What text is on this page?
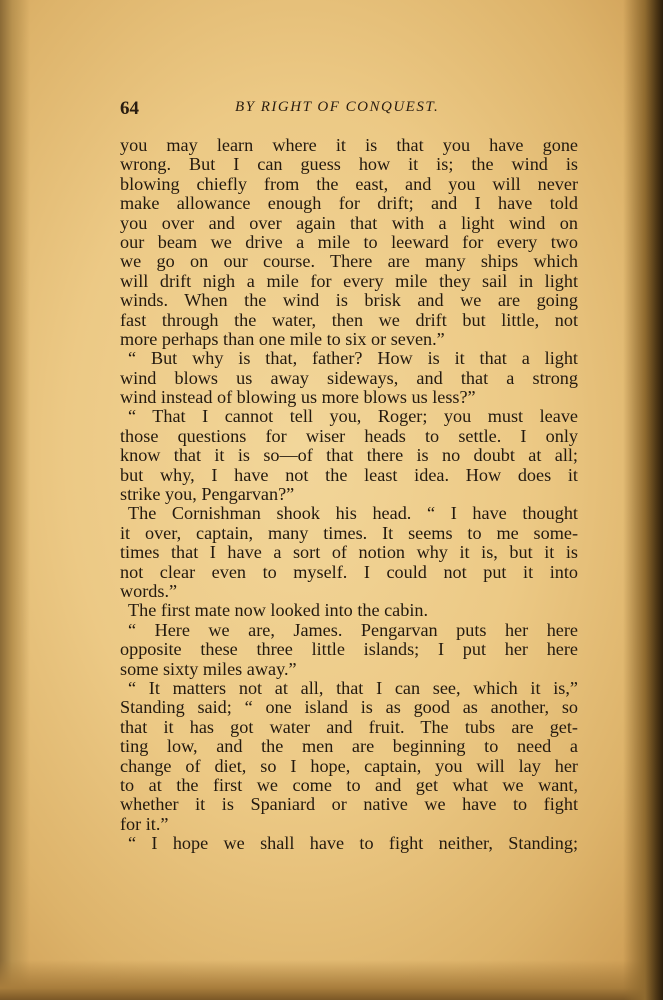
64	BY RIGHT OF CONQUEST.
you may learn where it is that you have gone
wrong. But I can guess how it is; the wind is
blowing chiefly from the east, and you will never
make allowance enough for drift; and I have told
you over and over again that with a light wind on
our beam we drive a mile to leeward for every two
we go on our course. There are many ships which
will drift nigh a mile for every mile they sail in light
winds. When the wind is brisk and we are going
fast through the water, then we drift but little, not
more perhaps than one mile to six or seven.”
“ But why is that, father? How is it that a light
wind blows us away sideways, and that a strong
wind instead of blowing us more blows us less?”
“ That I cannot tell you, Roger; you must leave
those questions for wiser heads to settle. I only
know that it is so—of that there is no doubt at all;
but why, I have not the least idea. How does it
strike you, Pengarvan?”
The Cornishman shook his head. “ I have thought
it over, captain, many times. It seems to me some-
times that I have a sort of notion why it is, but it is
not clear even to myself. I could not put it into
words.”
The first mate now looked into the cabin.
“ Here we are, James. Pengarvan puts her here
opposite these three little islands; I put her here
some sixty miles away.”
“ It matters not at all, that I can see, which it is,”
Standing said; “ one island is as good as another, so
that it has got water and fruit. The tubs are get-
ting low, and the men are beginning to need a
change of diet, so I hope, captain, you will lay her
to at the first we come to and get what we want,
whether it is Spaniard or native we have to fight
for it.”
“ I hope we shall have to fight neither, Standing;
